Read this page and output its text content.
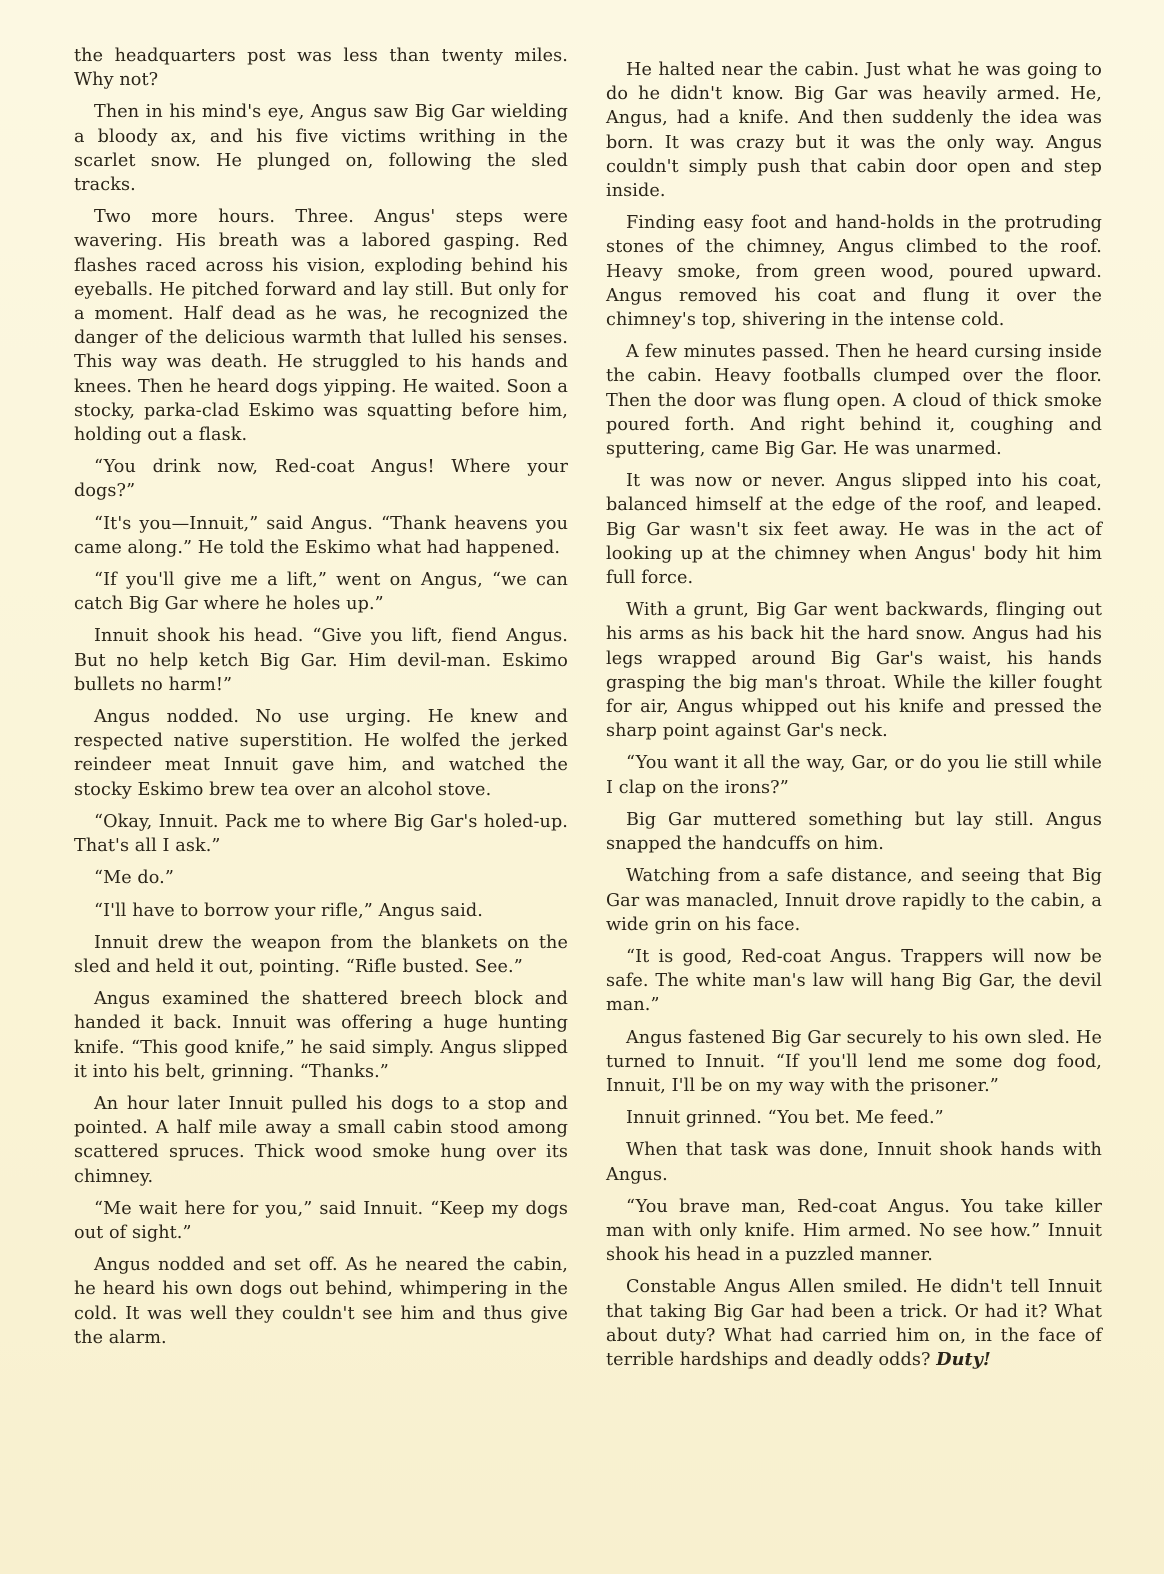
the headquarters post was less than twenty miles. Why not?

Then in his mind's eye, Angus saw Big Gar wielding a bloody ax, and his five victims writhing in the scarlet snow. He plunged on, following the sled tracks.

Two more hours. Three. Angus' steps were wavering. His breath was a labored gasping. Red flashes raced across his vision, exploding behind his eyeballs. He pitched forward and lay still. But only for a moment. Half dead as he was, he recognized the danger of the delicious warmth that lulled his senses. This way was death. He struggled to his hands and knees. Then he heard dogs yipping. He waited. Soon a stocky, parka-clad Eskimo was squatting before him, holding out a flask.

“You drink now, Red-coat Angus! Where your dogs?”

“It's you—Innuit,” said Angus. “Thank heavens you came along.” He told the Eskimo what had happened.

“If you'll give me a lift,” went on Angus, “we can catch Big Gar where he holes up.”

Innuit shook his head. “Give you lift, fiend Angus. But no help ketch Big Gar. Him devil-man. Eskimo bullets no harm!”

Angus nodded. No use urging. He knew and respected native superstition. He wolfed the jerked reindeer meat Innuit gave him, and watched the stocky Eskimo brew tea over an alcohol stove.

“Okay, Innuit. Pack me to where Big Gar's holed-up. That's all I ask.”

“Me do.”

“I'll have to borrow your rifle,” Angus said.

Innuit drew the weapon from the blankets on the sled and held it out, pointing. “Rifle busted. See.”

Angus examined the shattered breech block and handed it back. Innuit was offering a huge hunting knife. “This good knife,” he said simply. Angus slipped it into his belt, grinning. “Thanks.”

An hour later Innuit pulled his dogs to a stop and pointed. A half mile away a small cabin stood among scattered spruces. Thick wood smoke hung over its chimney.

“Me wait here for you,” said Innuit. “Keep my dogs out of sight.”

Angus nodded and set off. As he neared the cabin, he heard his own dogs out behind, whimpering in the cold. It was well they couldn't see him and thus give the alarm.

He halted near the cabin. Just what he was going to do he didn't know. Big Gar was heavily armed. He, Angus, had a knife. And then suddenly the idea was born. It was crazy but it was the only way. Angus couldn't simply push that cabin door open and step inside.

Finding easy foot and hand-holds in the protruding stones of the chimney, Angus climbed to the roof. Heavy smoke, from green wood, poured upward. Angus removed his coat and flung it over the chimney's top, shivering in the intense cold.

A few minutes passed. Then he heard cursing inside the cabin. Heavy footballs clumped over the floor. Then the door was flung open. A cloud of thick smoke poured forth. And right behind it, coughing and sputtering, came Big Gar. He was unarmed.

It was now or never. Angus slipped into his coat, balanced himself at the edge of the roof, and leaped. Big Gar wasn't six feet away. He was in the act of looking up at the chimney when Angus' body hit him full force.

With a grunt, Big Gar went backwards, flinging out his arms as his back hit the hard snow. Angus had his legs wrapped around Big Gar's waist, his hands grasping the big man's throat. While the killer fought for air, Angus whipped out his knife and pressed the sharp point against Gar's neck.

“You want it all the way, Gar, or do you lie still while I clap on the irons?”

Big Gar muttered something but lay still. Angus snapped the handcuffs on him.

Watching from a safe distance, and seeing that Big Gar was manacled, Innuit drove rapidly to the cabin, a wide grin on his face.

“It is good, Red-coat Angus. Trappers will now be safe. The white man's law will hang Big Gar, the devil man.”

Angus fastened Big Gar securely to his own sled. He turned to Innuit. “If you'll lend me some dog food, Innuit, I'll be on my way with the prisoner.”

Innuit grinned. “You bet. Me feed.”

When that task was done, Innuit shook hands with Angus.

“You brave man, Red-coat Angus. You take killer man with only knife. Him armed. No see how.” Innuit shook his head in a puzzled manner.

Constable Angus Allen smiled. He didn't tell Innuit that taking Big Gar had been a trick. Or had it? What about duty? What had carried him on, in the face of terrible hardships and deadly odds? Duty!
